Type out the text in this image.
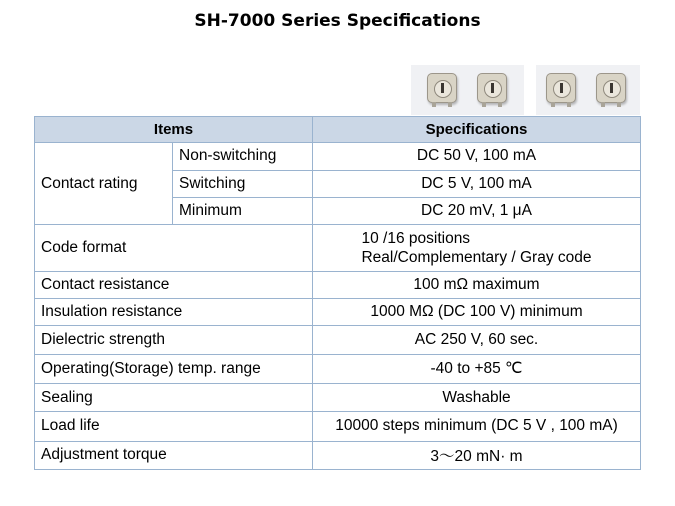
SH-7000 Series Specifications
Items		Specifications
Contact rating	Non-switching	DC 50 V, 100 mA
	Switching	DC 5 V, 100 mA
	Minimum	DC 20 mV, 1 μA
Code format		10 /16 positions
Real/Complementary / Gray code
Contact resistance		100 mΩ maximum
Insulation resistance		1000 MΩ (DC 100 V) minimum
Dielectric strength		AC 250 V, 60 sec.
Operating(Storage) temp. range		-40 to +85 ℃
Sealing		Washable
Load life		10000 steps minimum (DC 5 V , 100 mA)
Adjustment torque		3～20 mN· m
